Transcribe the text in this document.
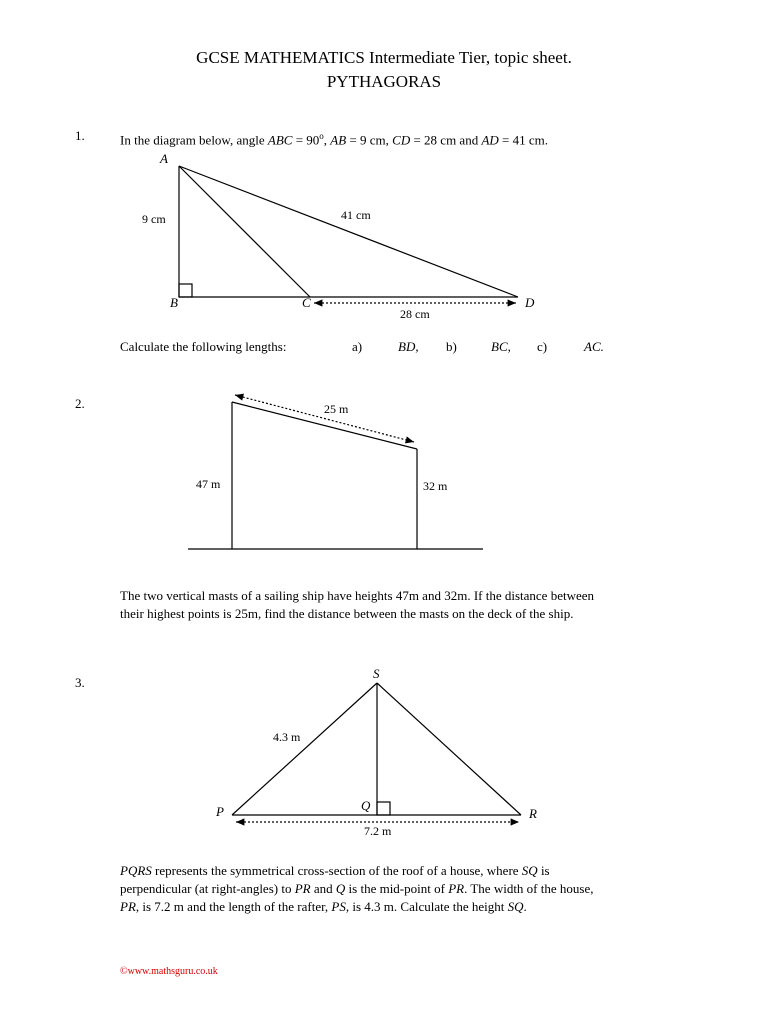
GCSE MATHEMATICS Intermediate Tier, topic sheet.
PYTHAGORAS
1.	In the diagram below, angle ABC = $90^o$, AB = 9 cm, CD = 28 cm and AD = 41 cm.
A
B	C	D
9 cm	41 cm
28 cm
25 m
47 m	32 m
S
P	Q
R
4.3 m
7.2 m
Calculate the following lengths:	a)	BD, b)	BC, c)	AC.
2.
The two vertical masts of a sailing ship have heights 47m and 32m. If the distance between
their highest points is 25m, find the distance between the masts on the deck of the ship.
3.
PQRS represents the symmetrical cross-section of the roof of a house, where SQ is
perpendicular (at right-angles) to PR and Q is the mid-point of PR. The width of the house,
PR, is 7.2 m and the length of the rafter, PS, is 4.3 m. Calculate the height SQ.
©www.mathsguru.co.uk
